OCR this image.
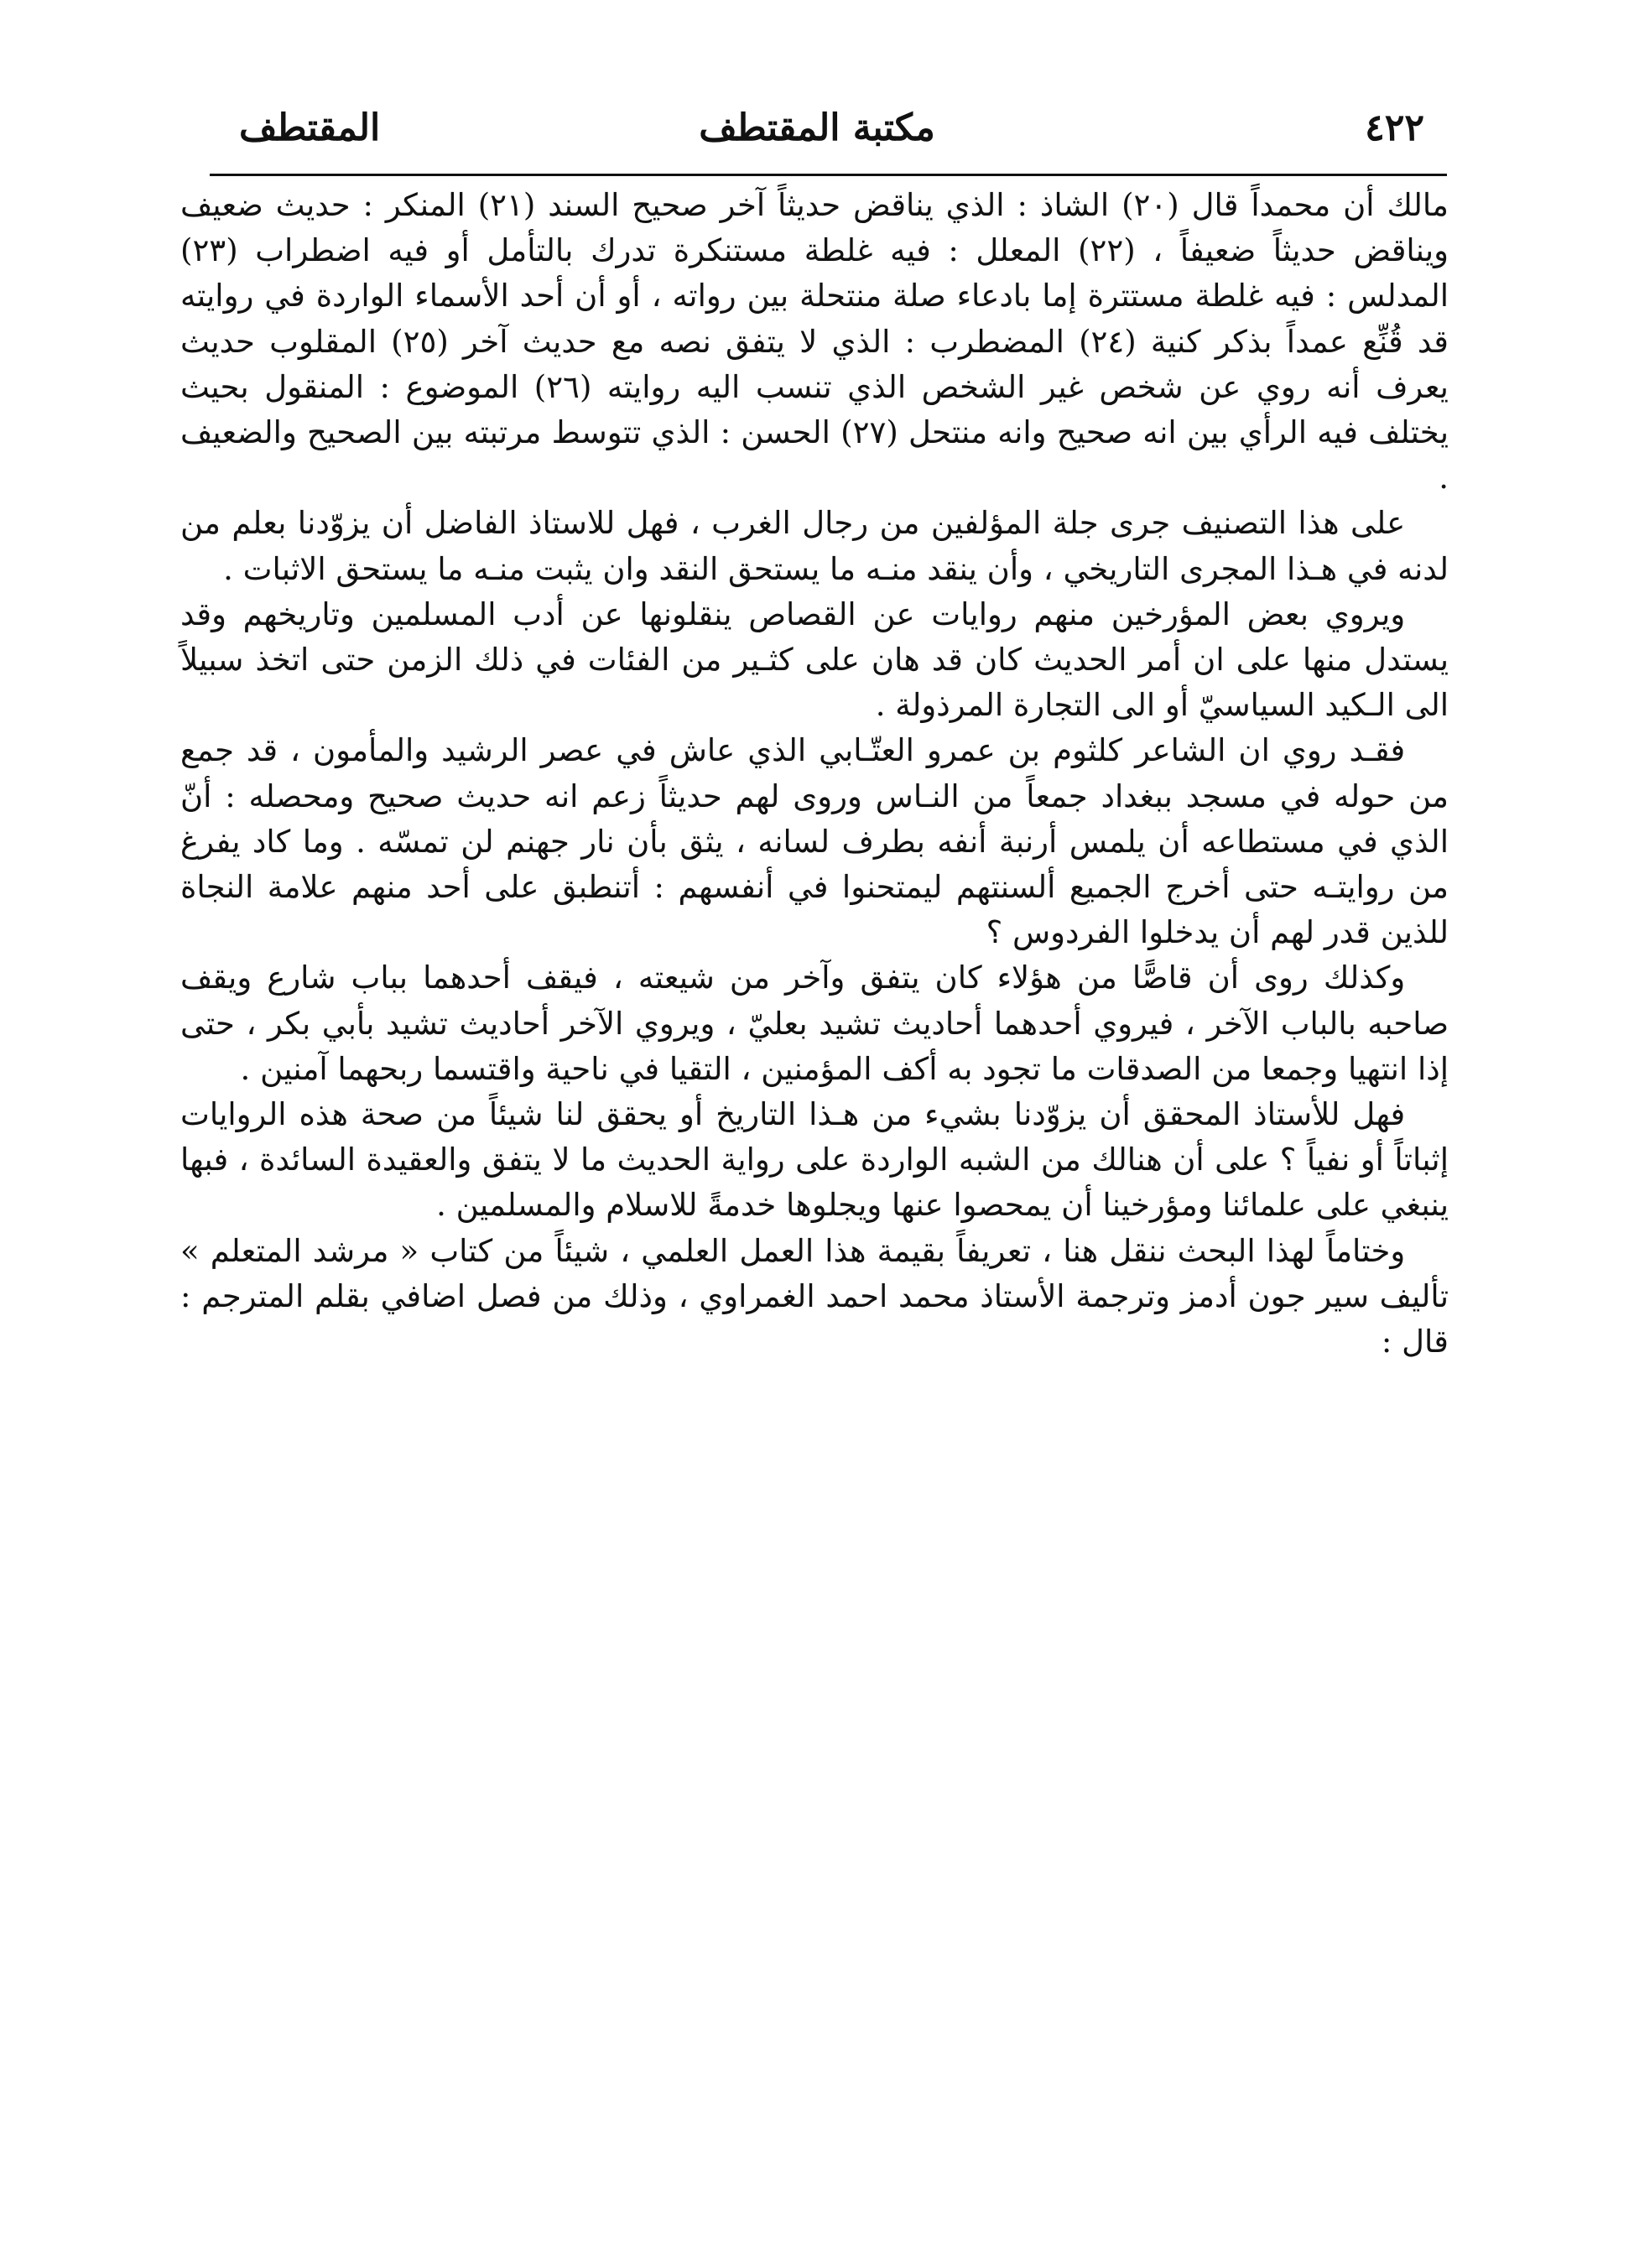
٤٢٢
مكتبة المقتطف
المقتطف

مالك أن محمداً قال (٢٠) الشاذ : الذي يناقض حديثاً آخر صحيح السند (٢١) المنكر : حديث ضعيف ويناقض حديثاً ضعيفاً ، (٢٢) المعلل : فيه غلطة مستنكرة تدرك بالتأمل أو فيه اضطراب (٢٣) المدلس : فيه غلطة مستترة إما بادعاء صلة منتحلة بين رواته ، أو أن أحد الأسماء الواردة في روايته قد قُنِّع عمداً بذكر كنية (٢٤) المضطرب : الذي لا يتفق نصه مع حديث آخر (٢٥) المقلوب حديث يعرف أنه روي عن شخص غير الشخص الذي تنسب اليه روايته (٢٦) الموضوع : المنقول بحيث يختلف فيه الرأي بين انه صحيح وانه منتحل (٢٧) الحسن : الذي تتوسط مرتبته بين الصحيح والضعيف .

على هذا التصنيف جرى جلة المؤلفين من رجال الغرب ، فهل للاستاذ الفاضل أن يزوّدنا بعلم من لدنه في هـذا المجرى التاريخي ، وأن ينقد منـه ما يستحق النقد وان يثبت منـه ما يستحق الاثبات .

ويروي بعض المؤرخين منهم روايات عن القصاص ينقلونها عن أدب المسلمين وتاريخهم وقد يستدل منها على ان أمر الحديث كان قد هان على كثـير من الفئات في ذلك الزمن حتى اتخذ سبيلاً الى الـكيد السياسيّ أو الى التجارة المرذولة .

فقـد روي ان الشاعر كلثوم بن عمرو العتّـابي الذي عاش في عصر الرشيد والمأمون ، قد جمع من حوله في مسجد ببغداد جمعاً من النـاس وروى لهم حديثاً زعم انه حديث صحيح ومحصله : أنّ الذي في مستطاعه أن يلمس أرنبة أنفه بطرف لسانه ، يثق بأن نار جهنم لن تمسّه . وما كاد يفرغ من روايتـه حتى أخرج الجميع ألسنتهم ليمتحنوا في أنفسهم : أتنطبق على أحد منهم علامة النجاة للذين قدر لهم أن يدخلوا الفردوس ؟

وكذلك روى أن قاصًّا من هؤلاء كان يتفق وآخر من شيعته ، فيقف أحدهما بباب شارع ويقف صاحبه بالباب الآخر ، فيروي أحدهما أحاديث تشيد بعليّ ، ويروي الآخر أحاديث تشيد بأبي بكر ، حتى إذا انتهيا وجمعا من الصدقات ما تجود به أكف المؤمنين ، التقيا في ناحية واقتسما ربحهما آمنين .

فهل للأستاذ المحقق أن يزوّدنا بشيء من هـذا التاريخ أو يحقق لنا شيئاً من صحة هذه الروايات إثباتاً أو نفياً ؟ على أن هنالك من الشبه الواردة على رواية الحديث ما لا يتفق والعقيدة السائدة ، فبها ينبغي على علمائنا ومؤرخينا أن يمحصوا عنها ويجلوها خدمةً للاسلام والمسلمين .

وختاماً لهذا البحث ننقل هنا ، تعريفاً بقيمة هذا العمل العلمي ، شيئاً من كتاب « مرشد المتعلم » تأليف سير جون أدمز وترجمة الأستاذ محمد احمد الغمراوي ، وذلك من فصل اضافي بقلم المترجم : قال :
